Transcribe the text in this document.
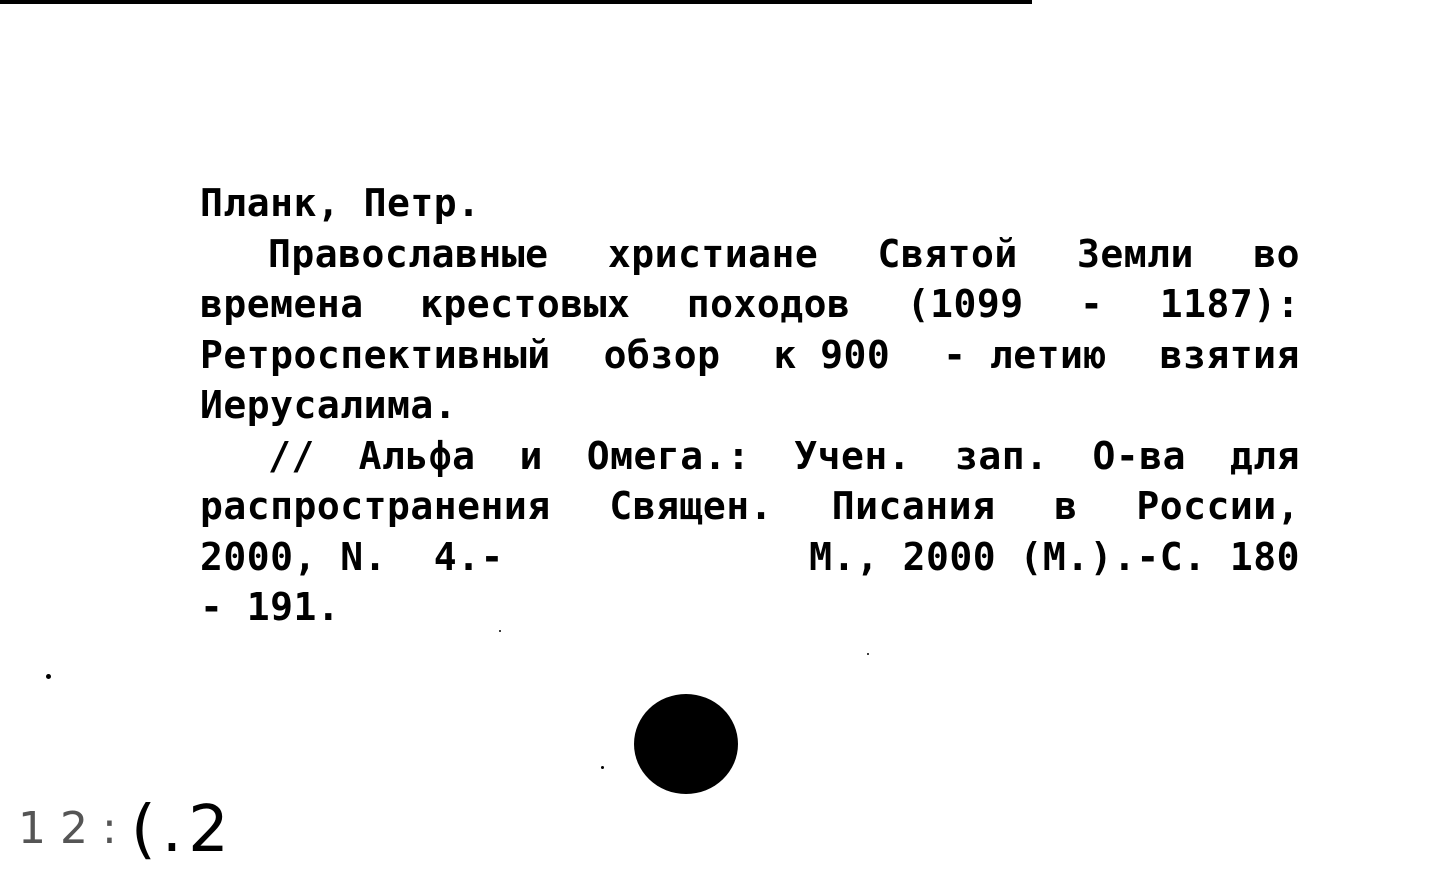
Планк, Петр.
Православные христиане Святой Земли во
времена крестовых походов (1099 - 1187):
Ретроспективный обзор к 900 - летию взятия
Иерусалима.
// Альфа и Омега.: Учен. зап. О-ва для
распространения Священ. Писания в России,
2000, N.  4.-	М., 2000 (М.).-С. 180
- 191.
12:(.2
